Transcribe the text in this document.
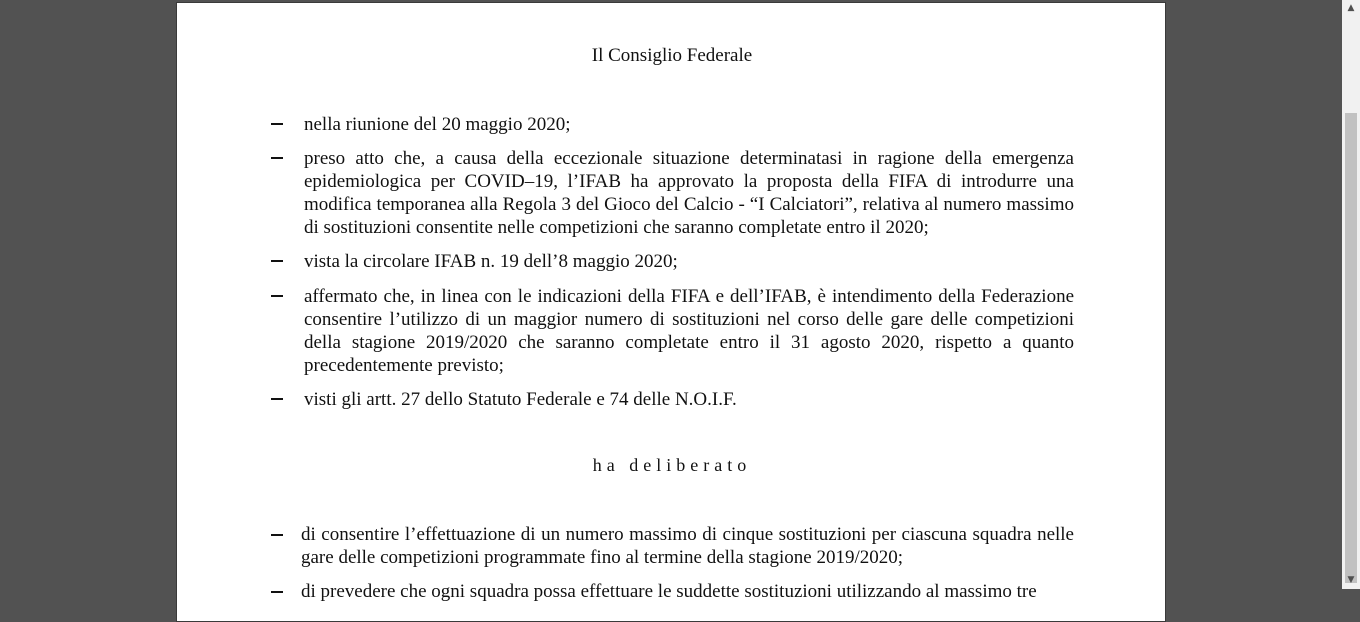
Il Consiglio Federale
nella riunione del 20 maggio 2020;
preso atto che, a causa della eccezionale situazione determinatasi in ragione della emergenza epidemiologica per COVID–19, l’IFAB ha approvato la proposta della FIFA di introdurre una modifica temporanea alla Regola 3 del Gioco del Calcio - “I Calciatori”, relativa al numero massimo di sostituzioni consentite nelle competizioni che saranno completate entro il 2020;
vista la circolare IFAB n. 19 dell’8 maggio 2020;
affermato che, in linea con le indicazioni della FIFA e dell’IFAB, è intendimento della Federazione consentire l’utilizzo di un maggior numero di sostituzioni nel corso delle gare delle competizioni della stagione 2019/2020 che saranno completate entro il 31 agosto 2020, rispetto a quanto precedentemente previsto;
visti gli artt. 27 dello Statuto Federale e 74 delle N.O.I.F.
ha deliberato
di consentire l’effettuazione di un numero massimo di cinque sostituzioni per ciascuna squadra nelle gare delle competizioni programmate fino al termine della stagione 2019/2020;
di prevedere che ogni squadra possa effettuare le suddette sostituzioni utilizzando al massimo tre
▲
▼
